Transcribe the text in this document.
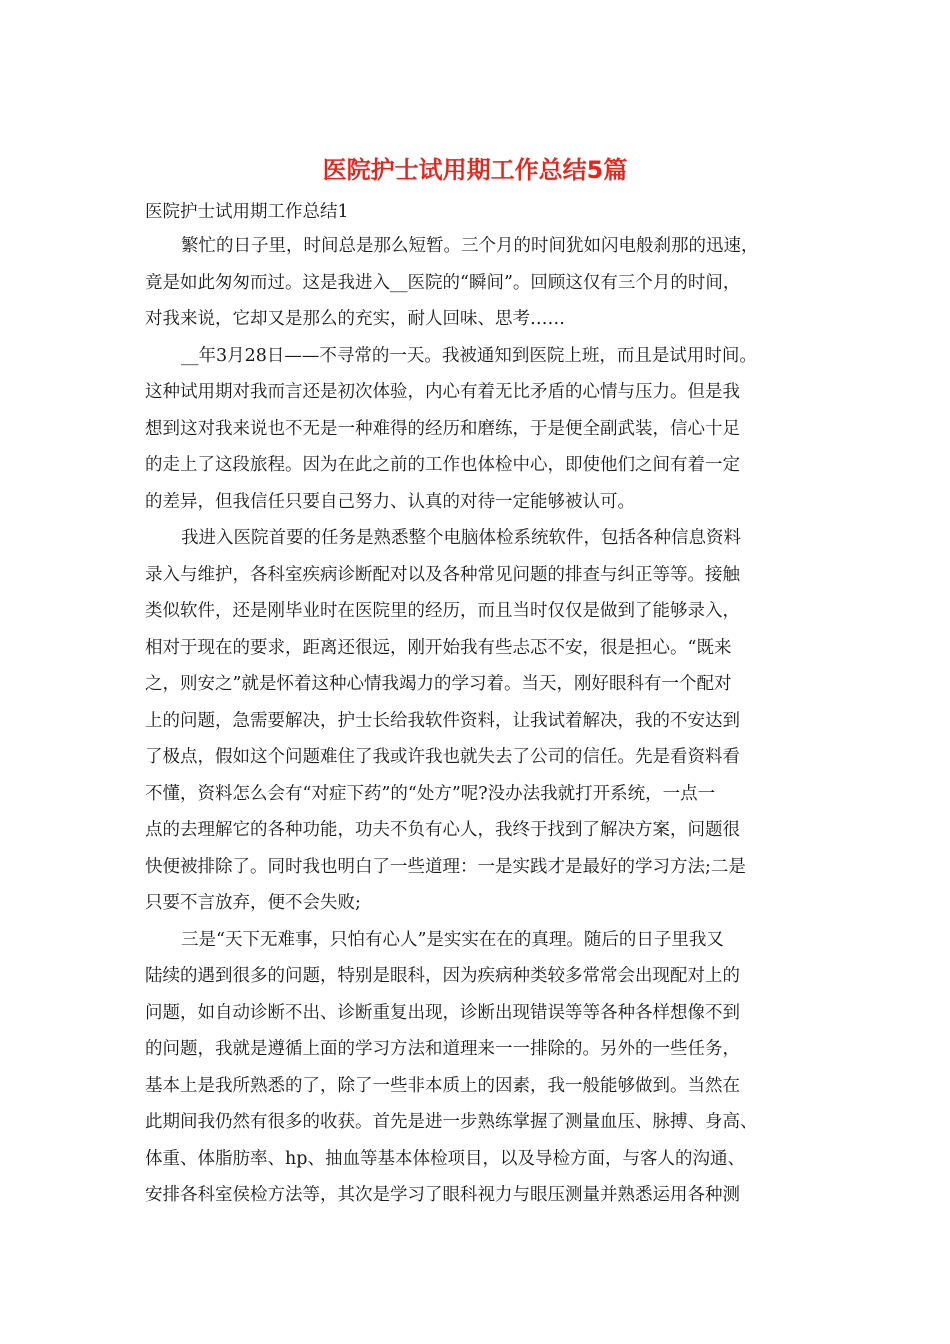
医院护士试用期工作总结5篇

医院护士试用期工作总结1

繁忙的日子里，时间总是那么短暂。三个月的时间犹如闪电般刹那的迅速，
竟是如此匆匆而过。这是我进入__医院的“瞬间”。回顾这仅有三个月的时间，
对我来说，它却又是那么的充实，耐人回味、思考……
__年3月28日——不寻常的一天。我被通知到医院上班，而且是试用时间。
这种试用期对我而言还是初次体验，内心有着无比矛盾的心情与压力。但是我
想到这对我来说也不无是一种难得的经历和磨练，于是便全副武装，信心十足
的走上了这段旅程。因为在此之前的工作也体检中心，即使他们之间有着一定
的差异，但我信任只要自己努力、认真的对待一定能够被认可。
我进入医院首要的任务是熟悉整个电脑体检系统软件，包括各种信息资料
录入与维护，各科室疾病诊断配对以及各种常见问题的排查与纠正等等。接触
类似软件，还是刚毕业时在医院里的经历，而且当时仅仅是做到了能够录入，
相对于现在的要求，距离还很远，刚开始我有些忐忑不安，很是担心。“既来
之，则安之”就是怀着这种心情我竭力的学习着。当天，刚好眼科有一个配对
上的问题，急需要解决，护士长给我软件资料，让我试着解决，我的不安达到
了极点，假如这个问题难住了我或许我也就失去了公司的信任。先是看资料看
不懂，资料怎么会有“对症下药”的“处方”呢?没办法我就打开系统，一点一
点的去理解它的各种功能，功夫不负有心人，我终于找到了解决方案，问题很
快便被排除了。同时我也明白了一些道理：一是实践才是最好的学习方法;二是
只要不言放弃，便不会失败;
三是“天下无难事，只怕有心人”是实实在在的真理。随后的日子里我又
陆续的遇到很多的问题，特别是眼科，因为疾病种类较多常常会出现配对上的
问题，如自动诊断不出、诊断重复出现，诊断出现错误等等各种各样想像不到
的问题，我就是遵循上面的学习方法和道理来一一排除的。另外的一些任务，
基本上是我所熟悉的了，除了一些非本质上的因素，我一般能够做到。当然在
此期间我仍然有很多的收获。首先是进一步熟练掌握了测量血压、脉搏、身高、
体重、体脂肪率、hp、抽血等基本体检项目，以及导检方面，与客人的沟通、
安排各科室侯检方法等，其次是学习了眼科视力与眼压测量并熟悉运用各种测
